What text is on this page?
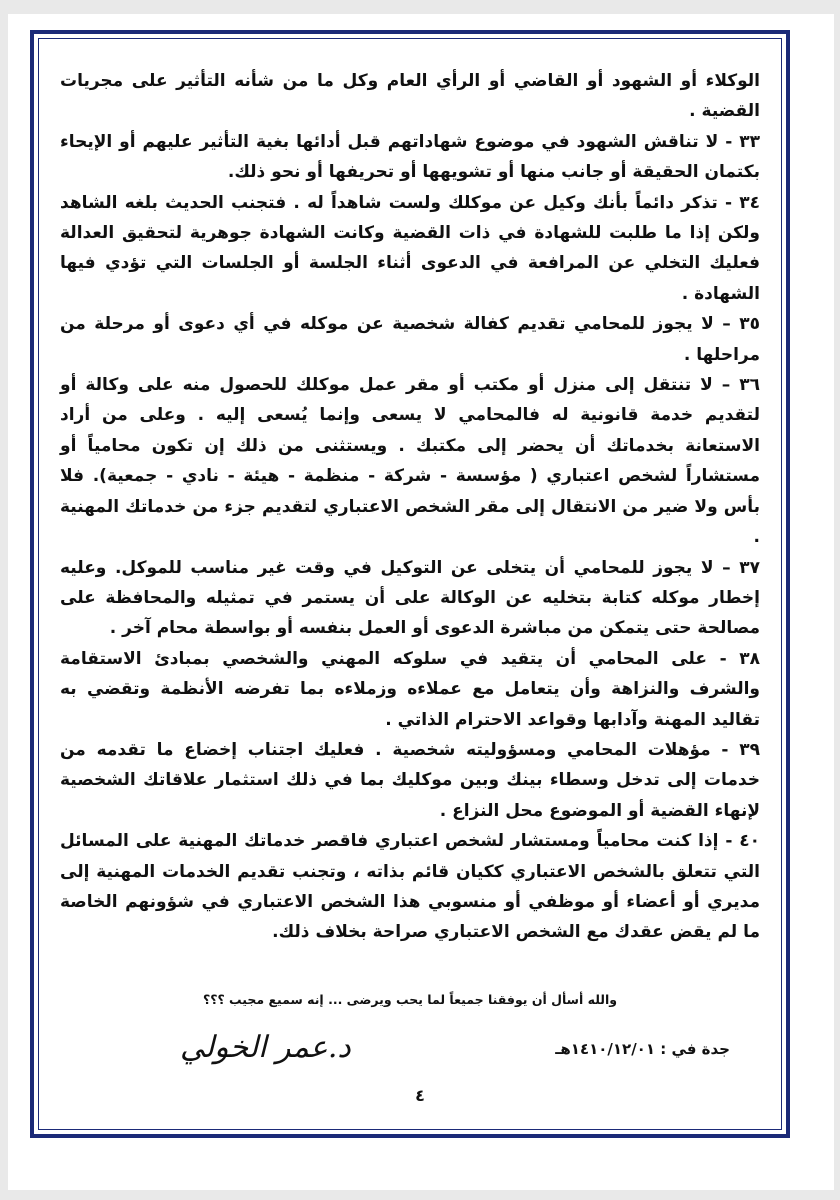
الوكلاء أو الشهود أو القاضي أو الرأي العام وكل ما من شأنه التأثير على مجريات القضية .

٣٣ - لا تناقش الشهود في موضوع شهاداتهم قبل أدائها بغية التأثير عليهم أو الإيحاء بكتمان الحقيقة أو جانب منها أو تشويهها أو تحريفها أو نحو ذلك.

٣٤ - تذكر دائماً بأنك وكيل عن موكلك ولست شاهداً له . فتجنب الحديث بلغه الشاهد ولكن إذا ما طلبت للشهادة في ذات القضية وكانت الشهادة جوهرية لتحقيق العدالة فعليك التخلي عن المرافعة في الدعوى أثناء الجلسة أو الجلسات التي تؤدي فيها الشهادة .

٣٥ – لا يجوز للمحامي تقديم كفالة شخصية عن موكله في أي دعوى أو مرحلة من مراحلها .

٣٦ – لا تنتقل إلى منزل أو مكتب أو مقر عمل موكلك للحصول منه على وكالة أو لتقديم خدمة قانونية له فالمحامي لا يسعى وإنما يُسعى إليه . وعلى من أراد الاستعانة بخدماتك أن يحضر إلى مكتبك . ويستثنى من ذلك إن تكون محامياً أو مستشاراً لشخص اعتباري ( مؤسسة - شركة - منظمة - هيئة - نادي - جمعية). فلا بأس ولا ضير من الانتقال إلى مقر الشخص الاعتباري لتقديم جزء من خدماتك المهنية .

٣٧ – لا يجوز للمحامي أن يتخلى عن التوكيل في وقت غير مناسب للموكل. وعليه إخطار موكله كتابة بتخليه عن الوكالة على أن يستمر في تمثيله والمحافظة على مصالحة حتى يتمكن من مباشرة الدعوى أو العمل بنفسه أو بواسطة محام آخر .

٣٨ - على المحامي أن يتقيد في سلوكه المهني والشخصي بمبادئ الاستقامة والشرف والنزاهة وأن يتعامل مع عملاءه وزملاءه بما تفرضه الأنظمة وتقضي به تقاليد المهنة وآدابها وقواعد الاحترام الذاتي .

٣٩ - مؤهلات المحامي ومسؤوليته شخصية . فعليك اجتناب إخضاع ما تقدمه من خدمات إلى تدخل وسطاء بينك وبين موكليك بما في ذلك استثمار علاقاتك الشخصية لإنهاء القضية أو الموضوع محل النزاع .

٤٠ - إذا كنت محامياً ومستشار لشخص اعتباري فاقصر خدماتك المهنية على المسائل التي تتعلق بالشخص الاعتباري ككيان قائم بذاته ، وتجنب تقديم الخدمات المهنية إلى مديري أو أعضاء أو موظفي أو منسوبي هذا الشخص الاعتباري في شؤونهم الخاصة ما لم يقض عقدك مع الشخص الاعتباري صراحة بخلاف ذلك.

والله أسأل أن يوفقنا جميعاً لما يحب ويرضى ... إنه سميع مجيب ؟؟؟
جدة في : ١٤١٠/١٢/٠١هـ
د.عمر الخولي
٤
